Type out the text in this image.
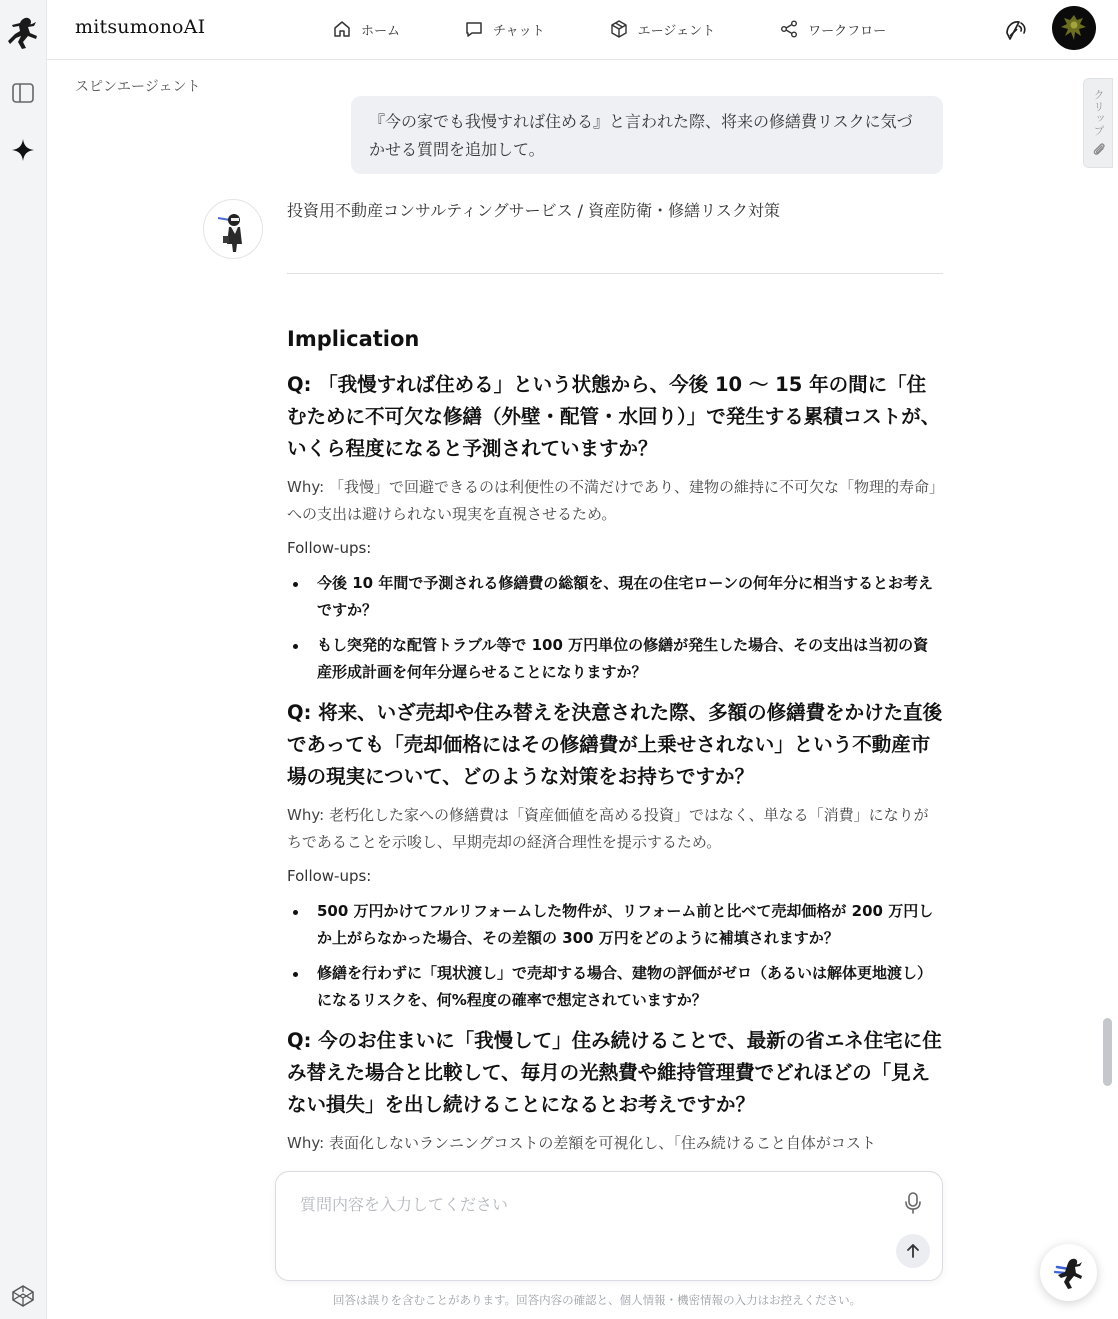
mitsumonoAI	ホーム	チャット	エージェント	ワークフロー
スピンエージェント
クリップ
『今の家でも我慢すれば住める』と言われた際、将来の修繕費リスクに気づかせる質問を追加して。
投資用不動産コンサルティングサービス / 資産防衛・修繕リスク対策
Implication
Q: 「我慢すれば住める」という状態から、今後 10 〜 15 年の間に「住むために不可欠な修繕（外壁・配管・水回り）」で発生する累積コストが、いくら程度になると予測されていますか？

Why: 「我慢」で回避できるのは利便性の不満だけであり、建物の維持に不可欠な「物理的寿命」への支出は避けられない現実を直視させるため。

Follow-ups:

今後 10 年間で予測される修繕費の総額を、現在の住宅ローンの何年分に相当するとお考えですか？
もし突発的な配管トラブル等で 100 万円単位の修繕が発生した場合、その支出は当初の資産形成計画を何年分遅らせることになりますか？
Q: 将来、いざ売却や住み替えを決意された際、多額の修繕費をかけた直後であっても「売却価格にはその修繕費が上乗せされない」という不動産市場の現実について、どのような対策をお持ちですか？

Why: 老朽化した家への修繕費は「資産価値を高める投資」ではなく、単なる「消費」になりがちであることを示唆し、早期売却の経済合理性を提示するため。

Follow-ups:

500 万円かけてフルリフォームした物件が、リフォーム前と比べて売却価格が 200 万円しか上がらなかった場合、その差額の 300 万円をどのように補填されますか？
修繕を行わずに「現状渡し」で売却する場合、建物の評価がゼロ（あるいは解体更地渡し）になるリスクを、何%程度の確率で想定されていますか？
Q: 今のお住まいに「我慢して」住み続けることで、最新の省エネ住宅に住み替えた場合と比較して、毎月の光熱費や維持管理費でどれほどの「見えない損失」を出し続けることになるとお考えですか？

Why: 表面化しないランニングコストの差額を可視化し、「住み続けること自体がコスト

質問内容を入力してください
回答は誤りを含むことがあります。回答内容の確認と、個人情報・機密情報の入力はお控えください。
